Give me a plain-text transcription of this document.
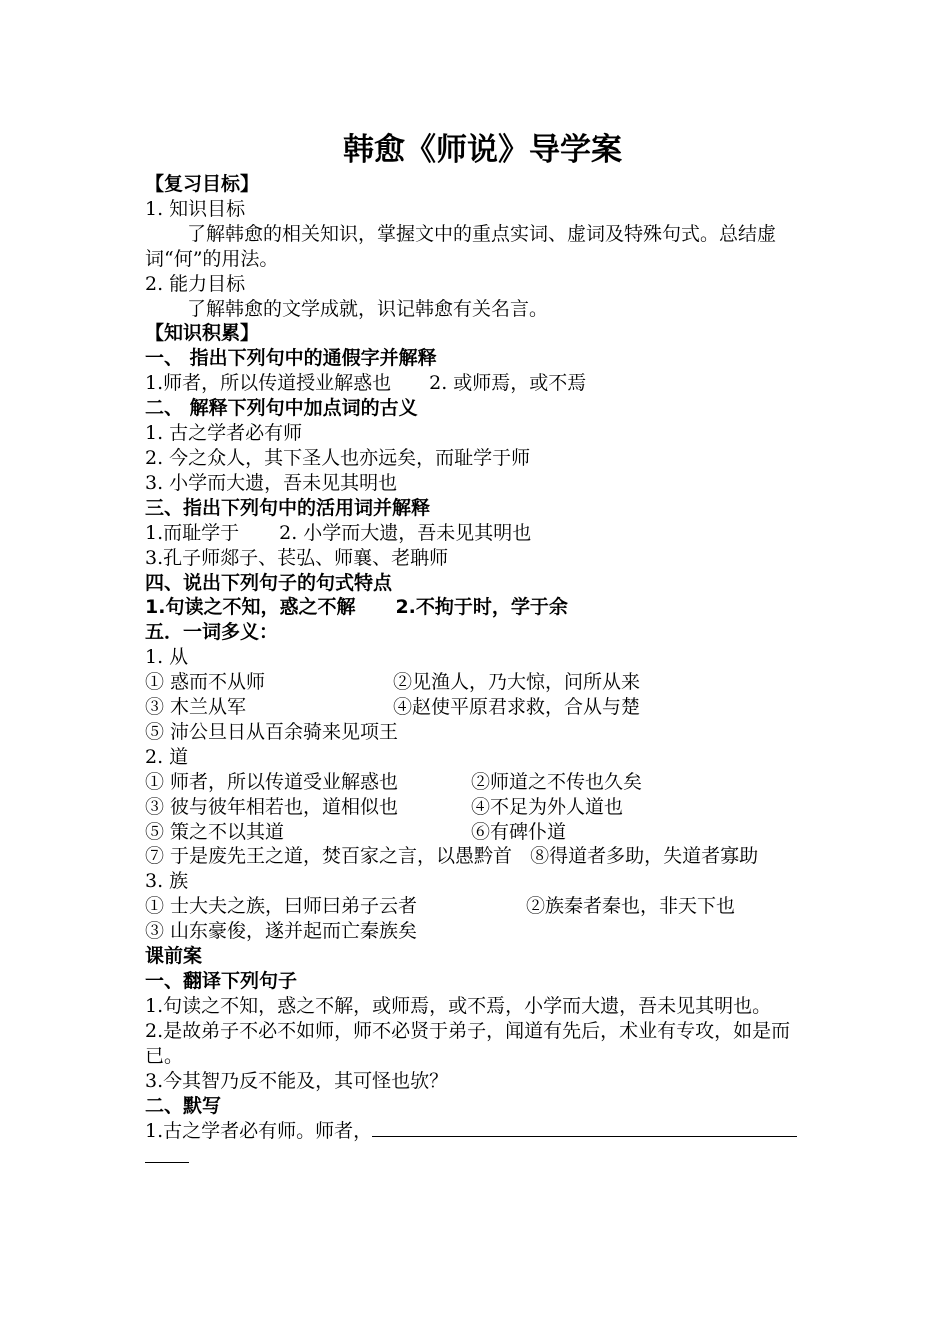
韩愈《师说》导学案
【复习目标】
1. 知识目标
了解韩愈的相关知识，掌握文中的重点实词、虚词及特殊句式。总结虚词“何”的用法。
2. 能力目标
了解韩愈的文学成就，识记韩愈有关名言。
【知识积累】
一、 指出下列句中的通假字并解释
1.师者，所以传道授业解惑也 2. 或师焉，或不焉
二、 解释下列句中加点词的古义
1. 古之学者必有师
2. 今之众人，其下圣人也亦远矣，而耻学于师
3. 小学而大遗，吾未见其明也
三、指出下列句中的活用词并解释
1.而耻学于 2. 小学而大遗，吾未见其明也
3.孔子师郯子、苌弘、师襄、老聃师
四、说出下列句子的句式特点
1.句读之不知，惑之不解 2.不拘于时，学于余
五．一词多义：
1. 从
① 惑而不从师	②见渔人，乃大惊，问所从来
③ 木兰从军	④赵使平原君求救，合从与楚
⑤ 沛公旦日从百余骑来见项王
2. 道
① 师者，所以传道受业解惑也	②师道之不传也久矣
③ 彼与彼年相若也，道相似也	④不足为外人道也
⑤ 策之不以其道	⑥有碑仆道
⑦ 于是废先王之道，焚百家之言，以愚黔首 ⑧得道者多助，失道者寡助
3. 族
① 士大夫之族，曰师曰弟子云者	②族秦者秦也，非天下也
③ 山东豪俊，遂并起而亡秦族矣
课前案
一、翻译下列句子
1.句读之不知，惑之不解，或师焉，或不焉，小学而大遗，吾未见其明也。
2.是故弟子不必不如师，师不必贤于弟子，闻道有先后，术业有专攻，如是而已。
3.今其智乃反不能及，其可怪也欤？
二、默写
1.古之学者必有师。师者，
